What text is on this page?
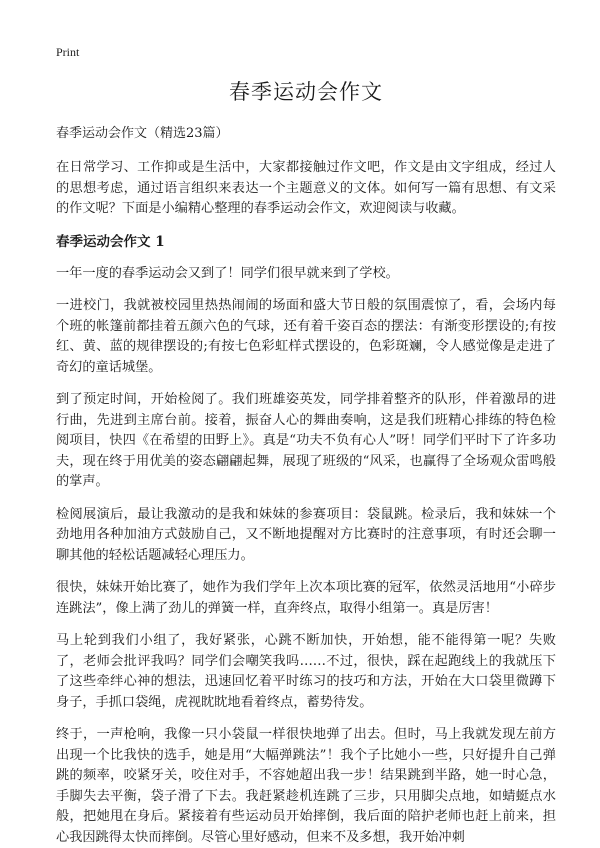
Print
春季运动会作文

春季运动会作文（精选23篇）

在日常学习、工作抑或是生活中，大家都接触过作文吧，作文是由文字组成，经过人的思想考虑，通过语言组织来表达一个主题意义的文体。如何写一篇有思想、有文采的作文呢？下面是小编精心整理的春季运动会作文，欢迎阅读与收藏。

春季运动会作文 1

一年一度的春季运动会又到了！同学们很早就来到了学校。

一进校门，我就被校园里热热闹闹的场面和盛大节日般的氛围震惊了，看，会场内每个班的帐篷前都挂着五颜六色的气球，还有着千姿百态的摆法：有渐变形摆设的;有按红、黄、蓝的规律摆设的;有按七色彩虹样式摆设的，色彩斑斓，令人感觉像是走进了奇幻的童话城堡。

到了预定时间，开始检阅了。我们班雄姿英发，同学排着整齐的队形，伴着激昂的进行曲，先进到主席台前。接着，振奋人心的舞曲奏响，这是我们班精心排练的特色检阅项目，快四《在希望的田野上》。真是“功夫不负有心人”呀！同学们平时下了许多功夫，现在终于用优美的姿态翩翩起舞，展现了班级的“风采，也赢得了全场观众雷鸣般的掌声。

检阅展演后，最让我激动的是我和妹妹的参赛项目：袋鼠跳。检录后，我和妹妹一个劲地用各种加油方式鼓励自己，又不断地提醒对方比赛时的注意事项，有时还会聊一聊其他的轻松话题减轻心理压力。

很快，妹妹开始比赛了，她作为我们学年上次本项比赛的冠军，依然灵活地用“小碎步连跳法”，像上满了劲儿的弹簧一样，直奔终点，取得小组第一。真是厉害！

马上轮到我们小组了，我好紧张，心跳不断加快，开始想，能不能得第一呢？失败了，老师会批评我吗？同学们会嘲笑我吗……不过，很快，踩在起跑线上的我就压下了这些牵绊心神的想法，迅速回忆着平时练习的技巧和方法，开始在大口袋里微蹲下身子，手抓口袋绳，虎视眈眈地看着终点，蓄势待发。

终于，一声枪响，我像一只小袋鼠一样很快地弹了出去。但时，马上我就发现左前方出现一个比我快的选手，她是用“大幅弹跳法”！我个子比她小一些，只好提升自己弹跳的频率，咬紧牙关，咬住对手，不容她超出我一步！结果跳到半路，她一时心急，手脚失去平衡，袋子滑了下去。我赶紧趁机连跳了三步，只用脚尖点地，如蜻蜓点水般，把她甩在身后。紧接着有些运动员开始摔倒，我后面的陪护老师也赶上前来，担心我因跳得太快而摔倒。尽管心里好感动，但来不及多想，我开始冲刺
